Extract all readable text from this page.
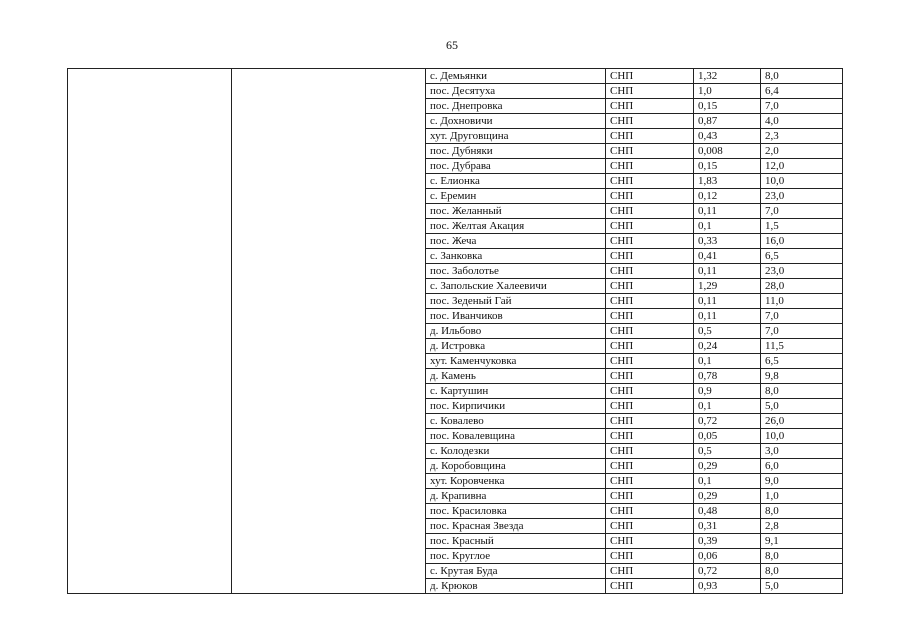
65
		с. Демьянки	СНП	1,32	8,0
		пос. Десятуха	СНП	1,0	6,4
		пос. Днепровка	СНП	0,15	7,0
		с. Дохновичи	СНП	0,87	4,0
		хут. Друговщина	СНП	0,43	2,3
		пос. Дубняки	СНП	0,008	2,0
		пос. Дубрава	СНП	0,15	12,0
		с. Елионка	СНП	1,83	10,0
		с. Еремин	СНП	0,12	23,0
		пос. Желанный	СНП	0,11	7,0
		пос. Желтая Акация	СНП	0,1	1,5
		пос. Жеча	СНП	0,33	16,0
		с. Занковка	СНП	0,41	6,5
		пос. Заболотье	СНП	0,11	23,0
		с. Запольские Халеевичи	СНП	1,29	28,0
		пос. Зеденый Гай	СНП	0,11	11,0
		пос. Иванчиков	СНП	0,11	7,0
		д. Ильбово	СНП	0,5	7,0
		д. Истровка	СНП	0,24	11,5
		хут. Каменчуковка	СНП	0,1	6,5
		д. Камень	СНП	0,78	9,8
		с. Картушин	СНП	0,9	8,0
		пос. Кирпичики	СНП	0,1	5,0
		с. Ковалево	СНП	0,72	26,0
		пос. Ковалевщина	СНП	0,05	10,0
		с. Колодезки	СНП	0,5	3,0
		д. Коробовщина	СНП	0,29	6,0
		хут. Коровченка	СНП	0,1	9,0
		д. Крапивна	СНП	0,29	1,0
		пос. Красиловка	СНП	0,48	8,0
		пос. Красная Звезда	СНП	0,31	2,8
		пос. Красный	СНП	0,39	9,1
		пос. Круглое	СНП	0,06	8,0
		с. Крутая Буда	СНП	0,72	8,0
		д. Крюков	СНП	0,93	5,0
